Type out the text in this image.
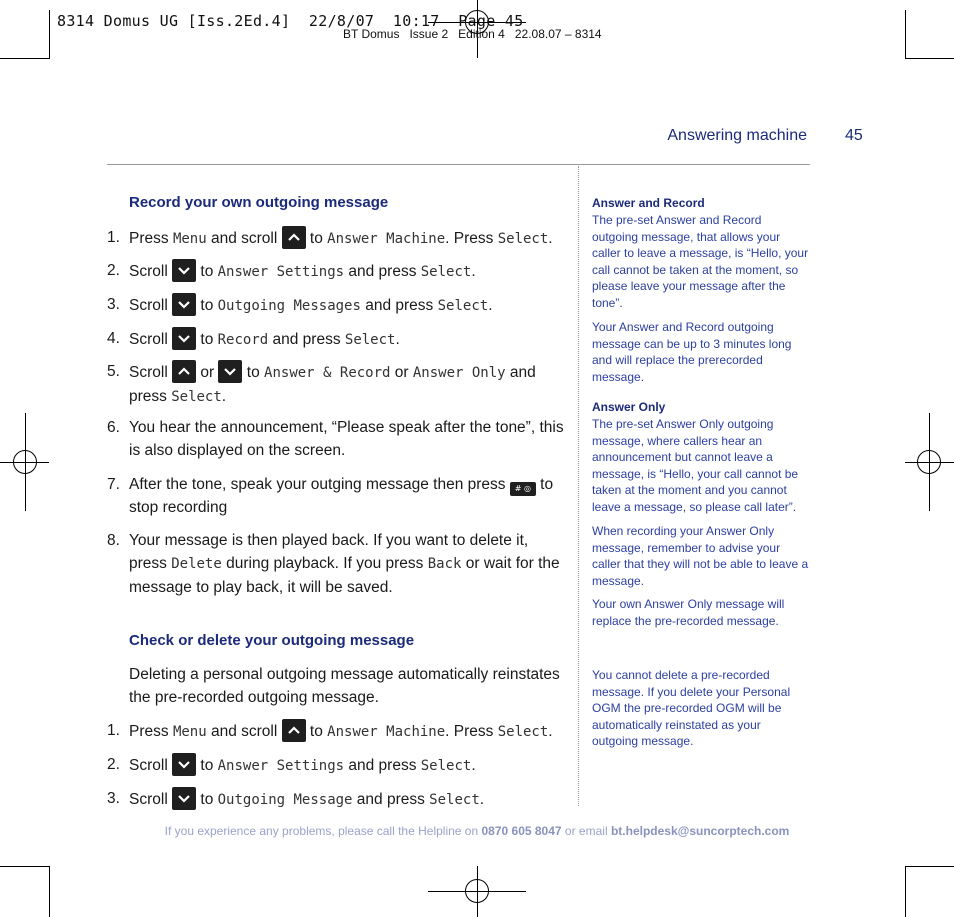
8314 Domus UG [Iss.2Ed.4]  22/8/07  10:17  Page 45
BT Domus   Issue 2   Edition 4   22.08.07 – 8314
Answering machine 45
Record your own outgoing message
1. Press Menu and scroll
to Answer Machine. Press Select.
2. Scroll
to Answer Settings and press Select.
3. Scroll
to Outgoing Messages and press Select.
4. Scroll
to Record and press Select.
5. Scroll
or
to Answer & Record or Answer Only and press Select.
6. You hear the announcement, “Please speak after the tone”, this is also displayed on the screen.
7. After the tone, speak your outging message then press # ◎ to stop recording
8. Your message is then played back. If you want to delete it, press Delete during playback. If you press Back or wait for the message to play back, it will be saved.
Check or delete your outgoing message
Deleting a personal outgoing message automatically reinstates the pre-recorded outgoing message.
1. Press Menu and scroll
to Answer Machine. Press Select.
2. Scroll
to Answer Settings and press Select.
3. Scroll
to Outgoing Message and press Select.
Answer and Record
The pre-set Answer and Record outgoing message, that allows your caller to leave a message, is “Hello, your call cannot be taken at the moment, so please leave your message after the tone”.
Your Answer and Record outgoing message can be up to 3 minutes long and will replace the prerecorded message.
Answer Only
The pre-set Answer Only outgoing message, where callers hear an announcement but cannot leave a message, is “Hello, your call cannot be taken at the moment and you cannot leave a message, so please call later”.
When recording your Answer Only message, remember to advise your caller that they will not be able to leave a message.
Your own Answer Only message will replace the pre-recorded message.
You cannot delete a pre-recorded message. If you delete your Personal OGM the pre-recorded OGM will be automatically reinstated as your outgoing message.
If you experience any problems, please call the Helpline on 0870 605 8047 or email bt.helpdesk@suncorptech.com
